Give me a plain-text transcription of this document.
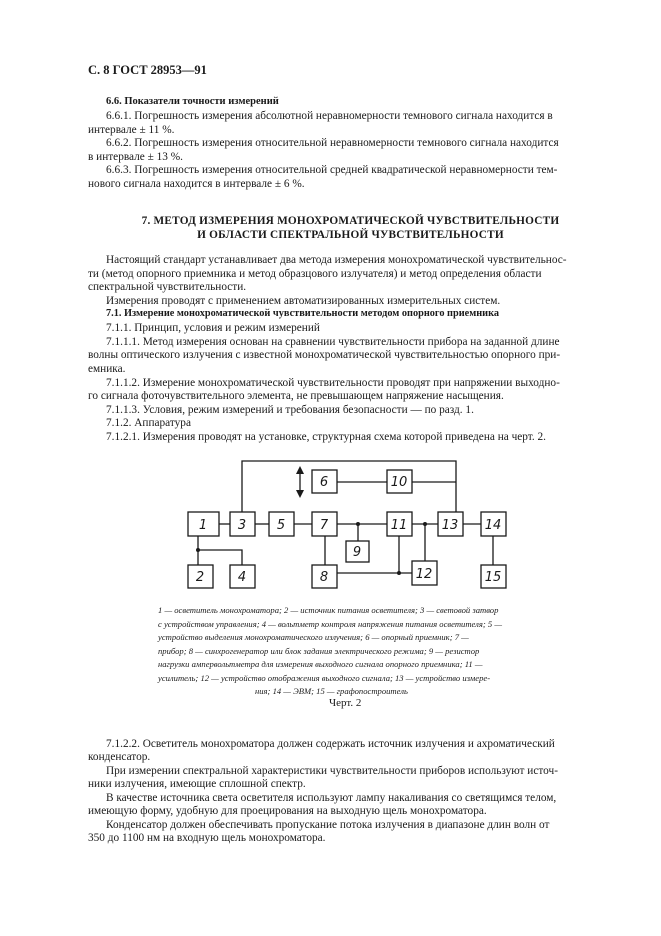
С. 8 ГОСТ 28953—91
6.6. Показатели точности измерений
6.6.1. Погрешность измерения абсолютной неравномерности темнового сигнала находится в
интервале ± 11 %.
6.6.2. Погрешность измерения относительной неравномерности темнового сигнала находится
в интервале ± 13 %.
6.6.3. Погрешность измерения относительной средней квадратической неравномерности тем-
нового сигнала находится в интервале ± 6 %.
7. МЕТОД ИЗМЕРЕНИЯ МОНОХРОМАТИЧЕСКОЙ ЧУВСТВИТЕЛЬНОСТИ
И ОБЛАСТИ СПЕКТРАЛЬНОЙ ЧУВСТВИТЕЛЬНОСТИ
Настоящий стандарт устанавливает два метода измерения монохроматической чувствительнос-
ти (метод опорного приемника и метод образцового излучателя) и метод определения области
спектральной чувствительности.
Измерения проводят с применением автоматизированных измерительных систем.
7.1. Измерение монохроматической чувствительности методом опорного приемника
7.1.1. Принцип, условия и режим измерений
7.1.1.1. Метод измерения основан на сравнении чувствительности прибора на заданной длине
волны оптического излучения с известной монохроматической чувствительностью опорного при-
емника.
7.1.1.2. Измерение монохроматической чувствительности проводят при напряжении выходно-
го сигнала фоточувствительного элемента, не превышающем напряжение насыщения.
7.1.1.3. Условия, режим измерений и требования безопасности — по разд. 1.
7.1.2. Аппаратура
7.1.2.1. Измерения проводят на установке, структурная схема которой приведена на черт. 2.
1
2
3
4
5
6
7
8
9
10
11
12
13 14
15
1 — осветитель монохроматора; 2 — источник питания осветителя; 3 — световой затвор
с устройством управления; 4 — вольтметр контроля напряжения питания осветителя; 5 —
устройство выделения монохроматического излучения; 6 — опорный приемник; 7 —
прибор; 8 — синхрогенератор или блок задания электрического режима; 9 — резистор
нагрузки ампервольтметра для измерения выходного сигнала опорного приемника; 11 —
усилитель; 12 — устройство отображения выходного сигнала; 13 — устройство измере-
ния; 14 — ЭВМ; 15 — графопостроитель
Черт. 2
7.1.2.2. Осветитель монохроматора должен содержать источник излучения и ахроматический
конденсатор.
При измерении спектральной характеристики чувствительности приборов используют источ-
ники излучения, имеющие сплошной спектр.
В качестве источника света осветителя используют лампу накаливания со светящимся телом,
имеющую форму, удобную для проецирования на выходную щель монохроматора.
Конденсатор должен обеспечивать пропускание потока излучения в диапазоне длин волн от
350 до 1100 нм на входную щель монохроматора.
